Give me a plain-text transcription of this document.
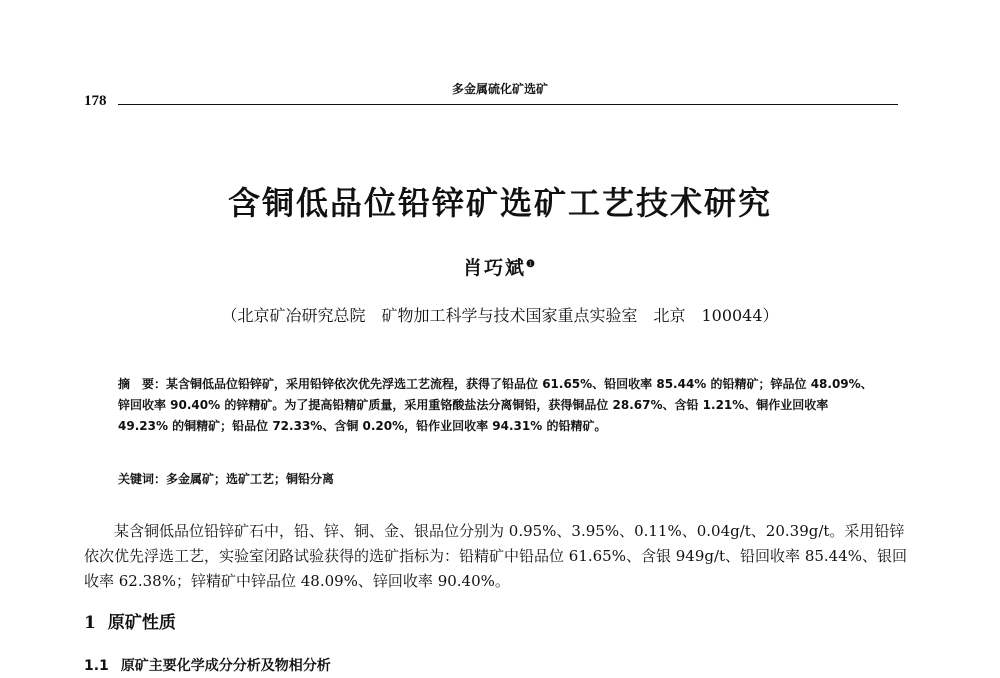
多金属硫化矿选矿
178
含铜低品位铅锌矿选矿工艺技术研究
肖巧斌$^❶$
（北京矿冶研究总院　矿物加工科学与技术国家重点实验室　北京　100044）
摘　要：某含铜低品位铅锌矿，采用铅锌依次优先浮选工艺流程，获得了铅品位 61.65%、铅回收率 85.44% 的铅精矿；锌品位 48.09%、锌回收率 90.40% 的锌精矿。为了提高铅精矿质量，采用重铬酸盐法分离铜铅，获得铜品位 28.67%、含铅 1.21%、铜作业回收率 49.23% 的铜精矿；铅品位 72.33%、含铜 0.20%，铅作业回收率 94.31% 的铅精矿。
关键词：多金属矿；选矿工艺；铜铅分离
某含铜低品位铅锌矿石中，铅、锌、铜、金、银品位分别为 0.95%、3.95%、0.11%、0.04g/t、20.39g/t。采用铅锌依次优先浮选工艺，实验室闭路试验获得的选矿指标为：铅精矿中铅品位 61.65%、含银 949g/t、铅回收率 85.44%、银回收率 62.38%；锌精矿中锌品位 48.09%、锌回收率 90.40%。
1 原矿性质
1.1 原矿主要化学成分分析及物相分析
